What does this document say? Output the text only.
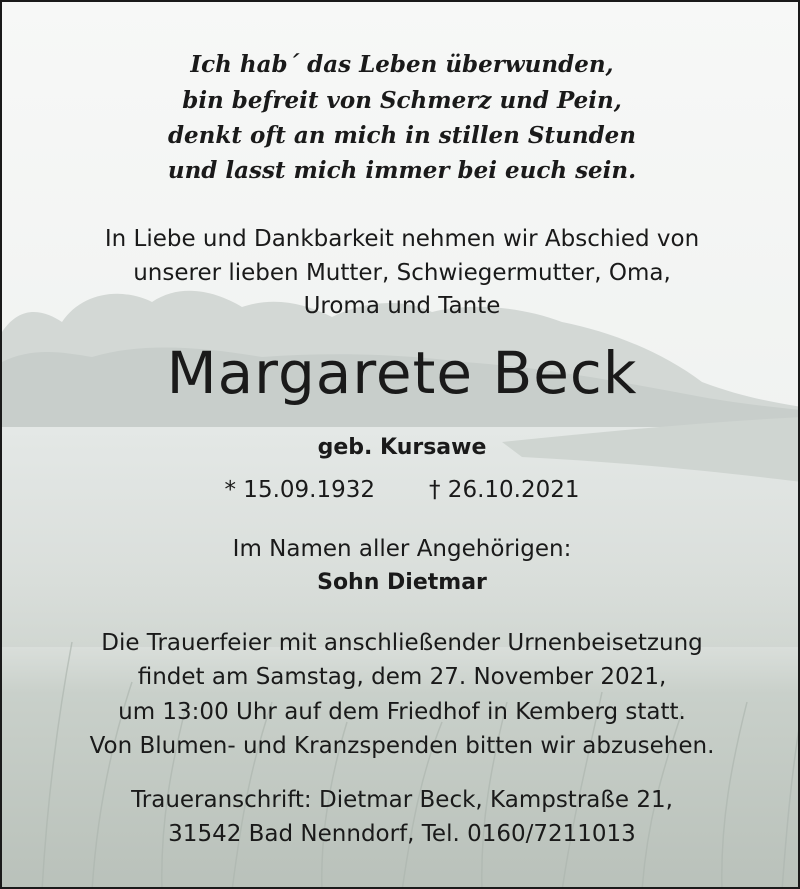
Ich hab´ das Leben überwunden,
bin befreit von Schmerz und Pein,
denkt oft an mich in stillen Stunden
und lasst mich immer bei euch sein.
In Liebe und Dankbarkeit nehmen wir Abschied von
unserer lieben Mutter, Schwiegermutter, Oma,
Uroma und Tante
Margarete Beck
geb. Kursawe
* 15.09.1932 † 26.10.2021
Im Namen aller Angehörigen:
Sohn Dietmar
Die Trauerfeier mit anschließender Urnenbeisetzung
findet am Samstag, dem 27. November 2021,
um 13:00 Uhr auf dem Friedhof in Kemberg statt.
Von Blumen- und Kranzspenden bitten wir abzusehen.
Traueranschrift: Dietmar Beck, Kampstraße 21,
31542 Bad Nenndorf, Tel. 0160/7211013
